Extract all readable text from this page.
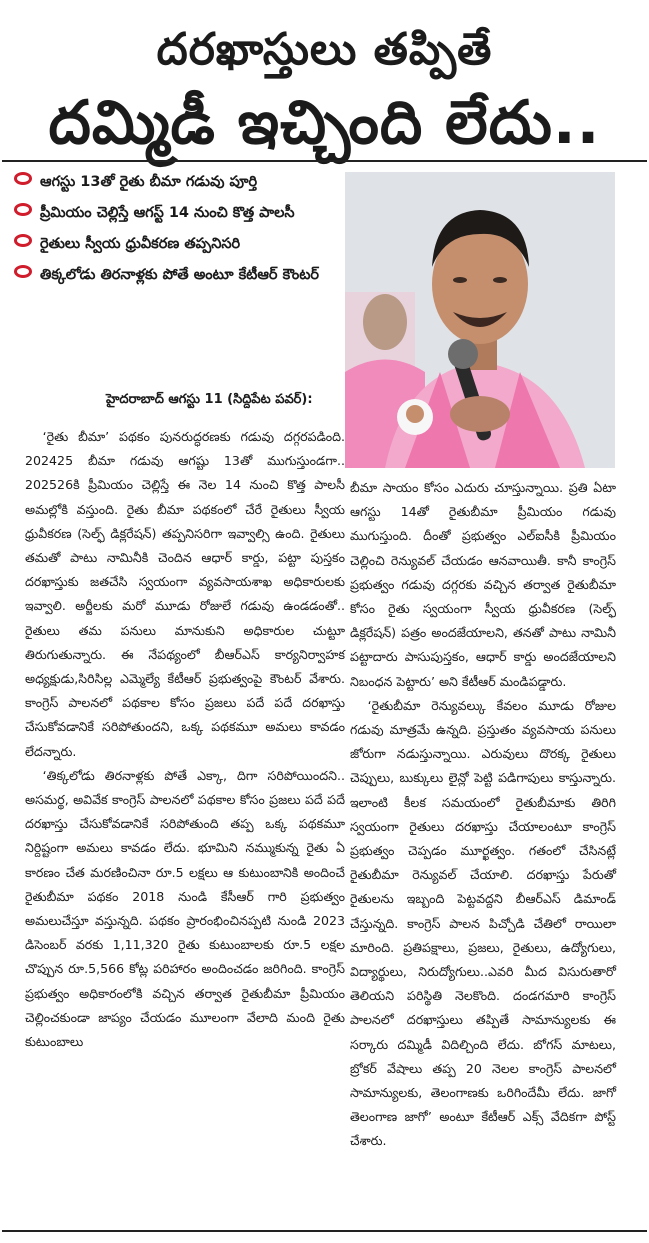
దరఖాస్తులు తప్పితే
దమ్మిడీ ఇచ్చింది లేదు..
ఆగస్టు 13తో రైతు బీమా గడువు పూర్తి
ప్రీమియం చెల్లిస్తే ఆగస్ట్ 14 నుంచి కొత్త పాలసీ
రైతులు స్వీయ ధ్రువీకరణ తప్పనిసరి
తిక్కలోడు తిరనాళ్లకు పోతే అంటూ కేటీఆర్ కౌంటర్
హైదరాబాద్ ఆగస్టు 11 (సిద్దిపేట పవర్):

‘రైతు బీమా’ పథకం పునరుద్ధరణకు గడువు దగ్గరపడింది. 202425 బీమా గడువు ఆగష్టు 13తో ముగుస్తుండగా.. 202526కి ప్రీమియం చెల్లిస్తే ఈ నెల 14 నుంచి కొత్త పాలసీ అమల్లోకి వస్తుంది. రైతు బీమా పథకంలో చేరే రైతులు స్వీయ ధ్రువీకరణ (సెల్ఫ్ డిక్లరేషన్) తప్పనిసరిగా ఇవ్వాల్సి ఉంది. రైతులు తమతో పాటు నామినీకి చెందిన ఆధార్ కార్డు, పట్టా పుస్తకం దరఖాస్తుకు జతచేసి స్వయంగా వ్యవసాయశాఖ అధికారులకు ఇవ్వాలి. అర్జీలకు మరో మూడు రోజులే గడువు ఉండడంతో.. రైతులు తమ పనులు మానుకుని అధికారుల చుట్టూ తిరుగుతున్నారు. ఈ నేపథ్యంలో బీఆర్ఎస్ కార్యనిర్వాహక అధ్యక్షుడు,సిరిసిల్ల ఎమ్మెల్యే కేటీఆర్ ప్రభుత్వంపై కౌంటర్ వేశారు. కాంగ్రెస్ పాలనలో పథకాల కోసం ప్రజలు పదే పదే దరఖాస్తు చేసుకోవడానికే సరిపోతుందని, ఒక్క పథకమూ అమలు కావడం లేదన్నారు.

‘తిక్కలోడు తిరనాళ్లకు పోతే ఎక్కా, దిగా సరిపోయిందని.. అసమర్థ, అవివేక కాంగ్రెస్ పాలనలో పథకాల కోసం ప్రజలు పదే పదే దరఖాస్తు చేసుకోవడానికే సరిపోతుంది తప్ప ఒక్క పథకమూ నిర్దిష్టంగా అమలు కావడం లేదు. భూమిని నమ్ముకున్న రైతు ఏ కారణం చేత మరణించినా రూ.5 లక్షలు ఆ కుటుంబానికి అందించే రైతుబీమా పథకం 2018 నుండి కేసీఆర్ గారి ప్రభుత్వం అమలుచేస్తూ వస్తున్నది. పథకం ప్రారంభించినప్పటి నుండి 2023 డిసెంబర్ వరకు 1,11,320 రైతు కుటుంబాలకు రూ.5 లక్షల చొప్పున రూ.5,566 కోట్ల పరిహారం అందించడం జరిగింది. కాంగ్రెస్ ప్రభుత్వం అధికారంలోకి వచ్చిన తర్వాత రైతుబీమా ప్రీమియం చెల్లించకుండా జాప్యం చేయడం మూలంగా వేలాది మంది రైతు కుటుంబాలు

బీమా సాయం కోసం ఎదురు చూస్తున్నాయి. ప్రతి ఏటా ఆగస్టు 14తో రైతుబీమా ప్రీమియం గడువు ముగుస్తుంది. దీంతో ప్రభుత్వం ఎల్ఐసీకి ప్రీమియం చెల్లించి రెన్యువల్ చేయడం ఆనవాయితీ. కానీ కాంగ్రెస్ ప్రభుత్వం గడువు దగ్గరకు వచ్చిన తర్వాత రైతుబీమా కోసం రైతు స్వయంగా స్వీయ ధ్రువీకరణ (సెల్ఫ్ డిక్లరేషన్) పత్రం అందజేయాలని, తనతో పాటు నామినీ పట్టాదారు పాసుపుస్తకం, ఆధార్ కార్డు అందజేయాలని నిబంధన పెట్టారు’ అని కేటీఆర్ మండిపడ్డారు.

‘రైతుబీమా రెన్యువల్కు కేవలం మూడు రోజుల గడువు మాత్రమే ఉన్నది. ప్రస్తుతం వ్యవసాయ పనులు జోరుగా నడుస్తున్నాయి. ఎరువులు దొరక్క రైతులు చెప్పులు, బుక్కులు లైన్లో పెట్టి పడిగాపులు కాస్తున్నారు. ఇలాంటి కీలక సమయంలో రైతుబీమాకు తిరిగి స్వయంగా రైతులు దరఖాస్తు చేయాలంటూ కాంగ్రెస్ ప్రభుత్వం చెప్పడం మూర్ఖత్వం. గతంలో చేసినట్లే రైతుబీమా రెన్యువల్ చేయాలి. దరఖాస్తు పేరుతో రైతులను ఇబ్బంది పెట్టవద్దని బీఆర్ఎస్ డిమాండ్ చేస్తున్నది. కాంగ్రెస్ పాలన పిచ్చోడి చేతిలో రాయిలా మారింది. ప్రతిపక్షాలు, ప్రజలు, రైతులు, ఉద్యోగులు, విద్యార్థులు, నిరుద్యోగులు..ఎవరి మీద విసురుతారో తెలియని పరిస్థితి నెలకొంది. దండగమారి కాంగ్రెస్ పాలనలో దరఖాస్తులు తప్పితే సామాన్యులకు ఈ సర్కారు దమ్మిడీ విదిల్చింది లేదు. బోగస్ మాటలు, బ్రోకర్ వేషాలు తప్ప 20 నెలల కాంగ్రెస్ పాలనలో సామాన్యులకు, తెలంగాణకు ఒరిగిందేమీ లేదు. జాగో తెలంగాణ జాగో’ అంటూ కేటీఆర్ ఎక్స్ వేదికగా పోస్ట్ చేశారు.
